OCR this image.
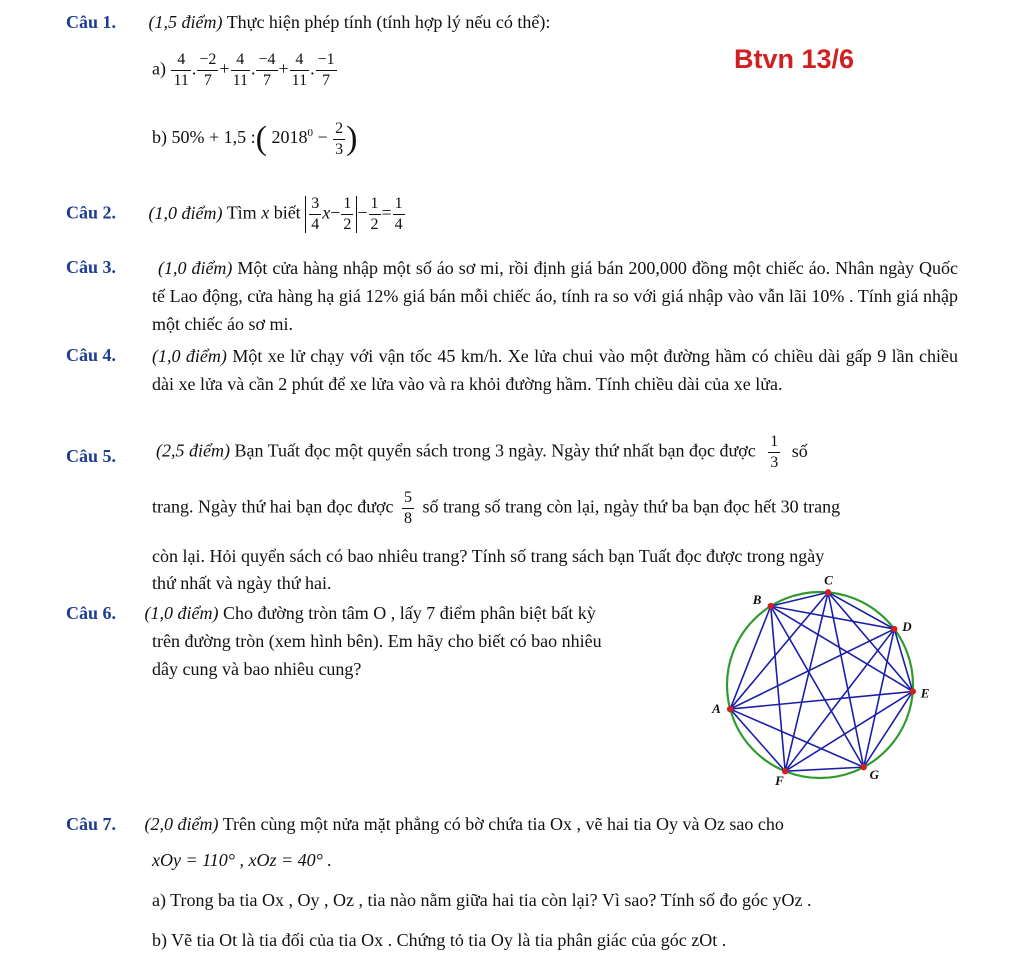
Câu 1. (1,5 điểm) Thực hiện phép tính (tính hợp lý nếu có thể):
Btvn 13/6
$a) \frac{4}{11}$ . $\frac{-2}{7} + \frac{4}{11}$ . $\frac{-4}{7} + \frac{4}{11}$ . $\frac{-1}{7}$
b) 50% + 1,5 :( $2018^0 - \frac{2}{3}$ )
Câu 2. (1,0 điểm) Tìm x biết $\frac{3}{4} x- \frac{1}{2} - \frac{1}{2} = \frac{1}{4}$
Câu 3.	(1,0 điểm) Một cửa hàng nhập một số áo sơ mi, rồi định giá bán 200,000 đồng một chiếc áo. Nhân ngày Quốc tế Lao động, cửa hàng hạ giá 12% giá bán mỗi chiếc áo, tính ra so với giá nhập vào vẫn lãi 10% . Tính giá nhập một chiếc áo sơ mi.
Câu 4. (1,0 điểm) Một xe lử chạy với vận tốc 45 km/h. Xe lửa chui vào một đường hầm có chiều dài gấp 9 lần chiều dài xe lửa và cần 2 phút để xe lửa vào và ra khỏi đường hầm. Tính chiều dài của xe lửa.
Câu 5. (2,5 điểm) Bạn Tuất đọc một quyển sách trong 3 ngày. Ngày thứ nhất bạn đọc được $\frac{1}{3}$ số
trang. Ngày thứ hai bạn đọc được $\frac{5}{8}$ số trang số trang còn lại, ngày thứ ba bạn đọc hết 30 trang
còn lại. Hỏi quyển sách có bao nhiêu trang? Tính số trang sách bạn Tuất đọc được trong ngày
thứ nhất và ngày thứ hai.
Câu 6. (1,0 điểm) Cho đường tròn tâm O , lấy 7 điểm phân biệt bất kỳ
trên đường tròn (xem hình bên). Em hãy cho biết có bao nhiêu
dây cung và bao nhiêu cung?
A
B
C
D
E
F	G
Câu 7. (2,0 điểm) Trên cùng một nửa mặt phẳng có bờ chứa tia Ox , vẽ hai tia Oy và Oz sao cho
xOy = 110° , xOz = 40° .
a) Trong ba tia Ox , Oy , Oz , tia nào nằm giữa hai tia còn lại? Vì sao? Tính số đo góc yOz .
b) Vẽ tia Ot là tia đối của tia Ox . Chứng tỏ tia Oy là tia phân giác của góc zOt .
